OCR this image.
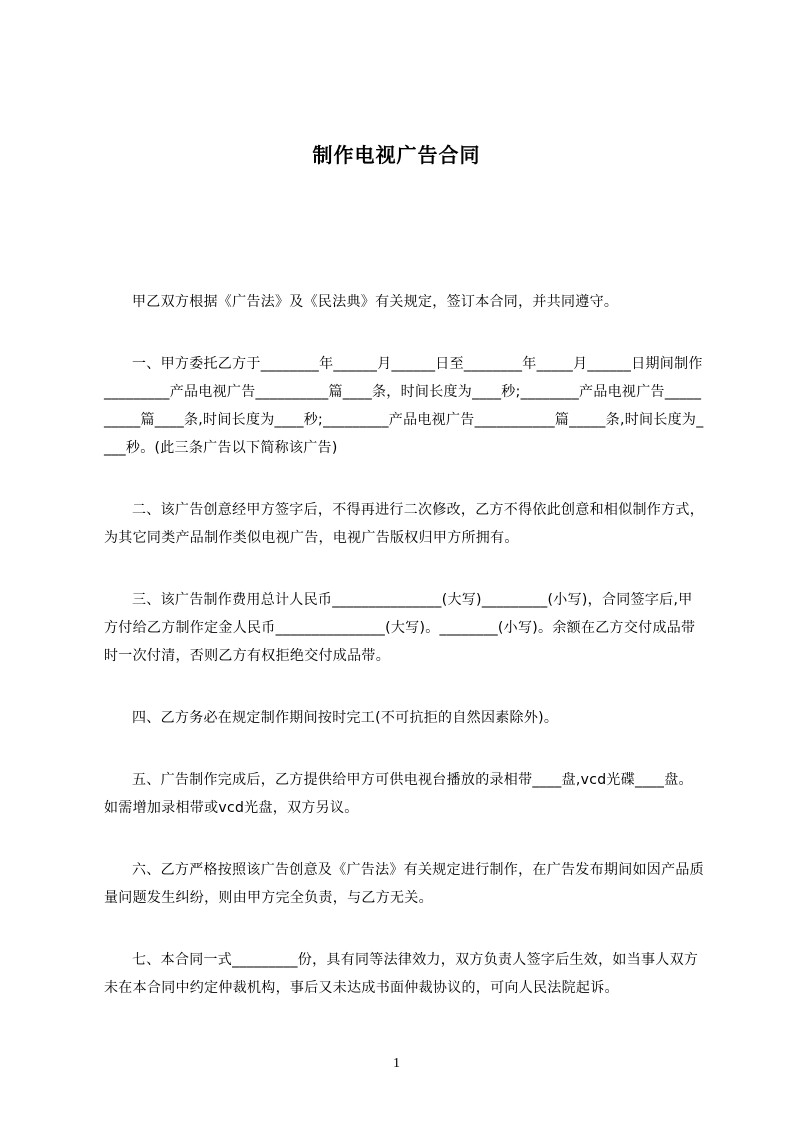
制作电视广告合同

甲乙双方根据《广告法》及《民法典》有关规定，签订本合同，并共同遵守。

一、甲方委托乙方于________年______月______日至________年_____月______日期间制作_________产品电视广告__________篇____条，时间长度为____秒;________产品电视广告__________篇____条,时间长度为____秒;_________产品电视广告___________篇_____条,时间长度为____秒。(此三条广告以下简称该广告)

二、该广告创意经甲方签字后，不得再进行二次修改，乙方不得依此创意和相似制作方式，为其它同类产品制作类似电视广告，电视广告版权归甲方所拥有。

三、该广告制作费用总计人民币_______________(大写)_________(小写)，合同签字后,甲方付给乙方制作定金人民币_______________(大写)。________(小写)。余额在乙方交付成品带时一次付清，否则乙方有权拒绝交付成品带。

四、乙方务必在规定制作期间按时完工(不可抗拒的自然因素除外)。

五、广告制作完成后，乙方提供给甲方可供电视台播放的录相带____盘,vcd光碟____盘。如需增加录相带或vcd光盘，双方另议。

六、乙方严格按照该广告创意及《广告法》有关规定进行制作，在广告发布期间如因产品质量问题发生纠纷，则由甲方完全负责，与乙方无关。

七、本合同一式_________份，具有同等法律效力，双方负责人签字后生效，如当事人双方未在本合同中约定仲裁机构，事后又未达成书面仲裁协议的，可向人民法院起诉。

1
